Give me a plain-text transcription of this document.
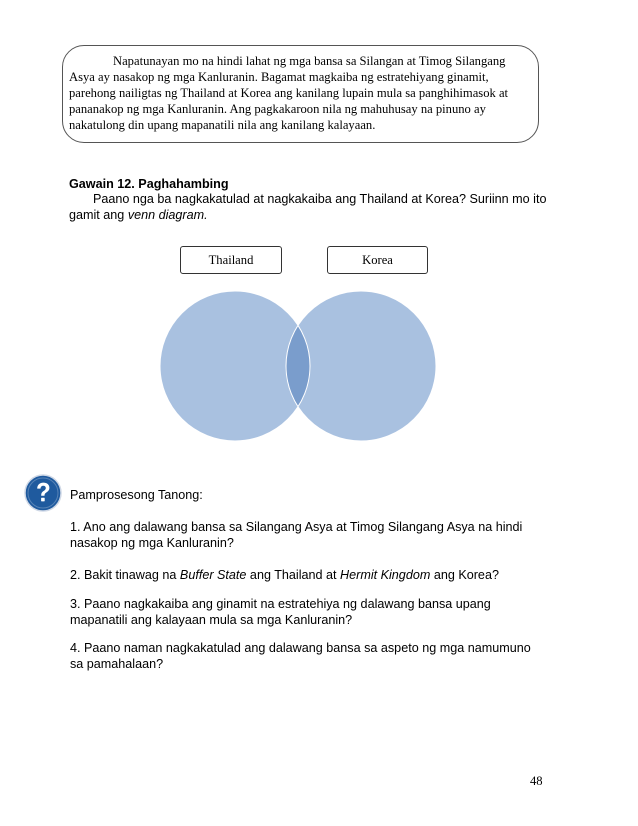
Napatunayan mo na hindi lahat ng mga bansa sa Silangan at Timog Silangang Asya ay nasakop ng mga Kanluranin. Bagamat magkaiba ng estratehiyang ginamit, parehong nailigtas ng Thailand at Korea ang kanilang lupain mula sa panghihimasok at pananakop ng mga Kanluranin. Ang pagkakaroon nila ng mahuhusay na pinuno ay nakatulong din upang mapanatili nila ang kanilang kalayaan.

Gawain 12. Paghahambing
Paano nga ba nagkakatulad at nagkakaiba ang Thailand at Korea? Suriinn mo ito gamit ang venn diagram.
Thailand	Korea
Pamprosesong Tanong:
1. Ano ang dalawang bansa sa Silangang Asya at Timog Silangang Asya na hindi nasakop ng mga Kanluranin?
2. Bakit tinawag na Buffer State ang Thailand at Hermit Kingdom ang Korea?
3. Paano nagkakaiba ang ginamit na estratehiya ng dalawang bansa upang mapanatili ang kalayaan mula sa mga Kanluranin?
4. Paano naman nagkakatulad ang dalawang bansa sa aspeto ng mga namumuno sa pamahalaan?
48
